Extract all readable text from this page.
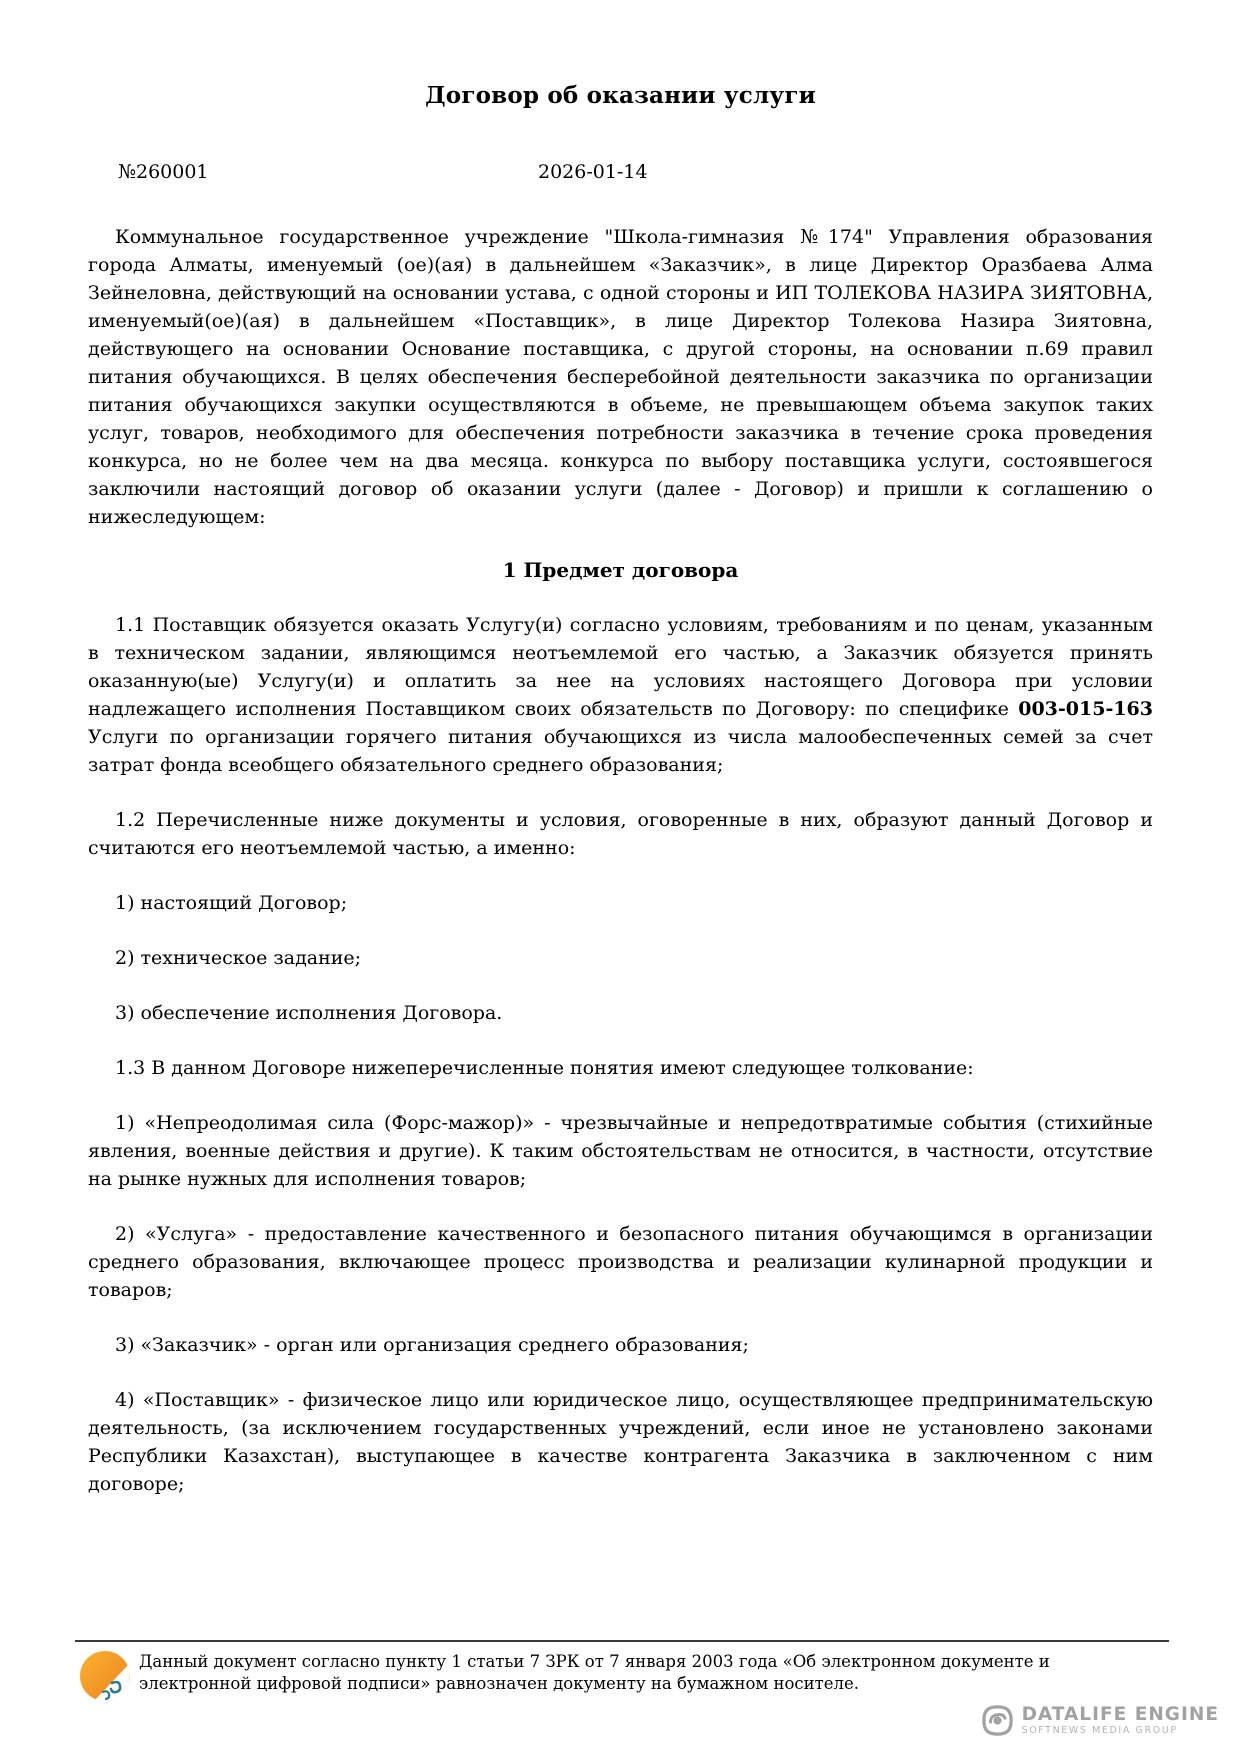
Договор об оказании услуги
№260001	2026-01-14

Коммунальное государственное учреждение "Школа-гимназия №174" Управления образования города Алматы, именуемый (ое)(ая) в дальнейшем «Заказчик», в лице Директор Оразбаева Алма Зейнеловна, действующий на основании устава, с одной стороны и ИП ТОЛЕКОВА НАЗИРА ЗИЯТОВНА, именуемый(ое)(ая) в дальнейшем «Поставщик», в лице Директор Толекова Назира Зиятовна, действующего на основании Основание поставщика, с другой стороны, на основании п.69 правил питания обучающихся. В целях обеспечения бесперебойной деятельности заказчика по организации питания обучающихся закупки осуществляются в объеме, не превышающем объема закупок таких услуг, товаров, необходимого для обеспечения потребности заказчика в течение срока проведения конкурса, но не более чем на два месяца. конкурса по выбору поставщика услуги, состоявшегося заключили настоящий договор об оказании услуги (далее - Договор) и пришли к соглашению о нижеследующем:

1 Предмет договора

1.1 Поставщик обязуется оказать Услугу(и) согласно условиям, требованиям и по ценам, указанным в техническом задании, являющимся неотъемлемой его частью, а Заказчик обязуется принять оказанную(ые) Услугу(и) и оплатить за нее на условиях настоящего Договора при условии надлежащего исполнения Поставщиком своих обязательств по Договору: по специфике 003-015-163 Услуги по организации горячего питания обучающихся из числа малообеспеченных семей за счет затрат фонда всеобщего обязательного среднего образования;

1.2 Перечисленные ниже документы и условия, оговоренные в них, образуют данный Договор и считаются его неотъемлемой частью, а именно:

1) настоящий Договор;

2) техническое задание;

3) обеспечение исполнения Договора.

1.3 В данном Договоре нижеперечисленные понятия имеют следующее толкование:

1) «Непреодолимая сила (Форс-мажор)» - чрезвычайные и непредотвратимые события (стихийные явления, военные действия и другие). К таким обстоятельствам не относится, в частности, отсутствие на рынке нужных для исполнения товаров;

2) «Услуга» - предоставление качественного и безопасного питания обучающимся в организации среднего образования, включающее процесс производства и реализации кулинарной продукции и товаров;

3) «Заказчик» - орган или организация среднего образования;

4) «Поставщик» - физическое лицо или юридическое лицо, осуществляющее предпринимательскую деятельность, (за исключением государственных учреждений, если иное не установлено законами Республики Казахстан), выступающее в качестве контрагента Заказчика в заключенном с ним договоре;

Данный документ согласно пункту 1 статьи 7 ЗРК от 7 января 2003 года «Об электронном документе и электронной цифровой подписи» равнозначен документу на бумажном носителе.

DATALIFE ENGINE
SOFTNEWS MEDIA GROUP
